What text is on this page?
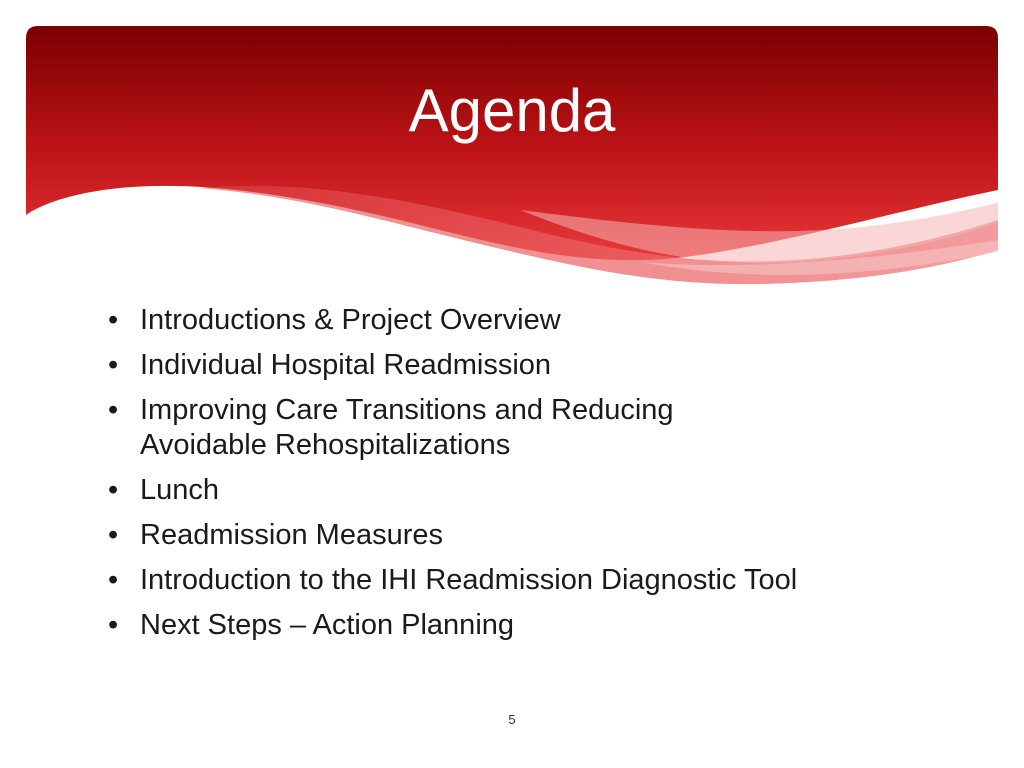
Agenda
• Introductions & Project Overview
• Individual Hospital Readmission
• Improving Care Transitions and Reducing Avoidable Rehospitalizations
• Lunch
• Readmission Measures
• Introduction to the IHI Readmission Diagnostic Tool
• Next Steps – Action Planning
5
